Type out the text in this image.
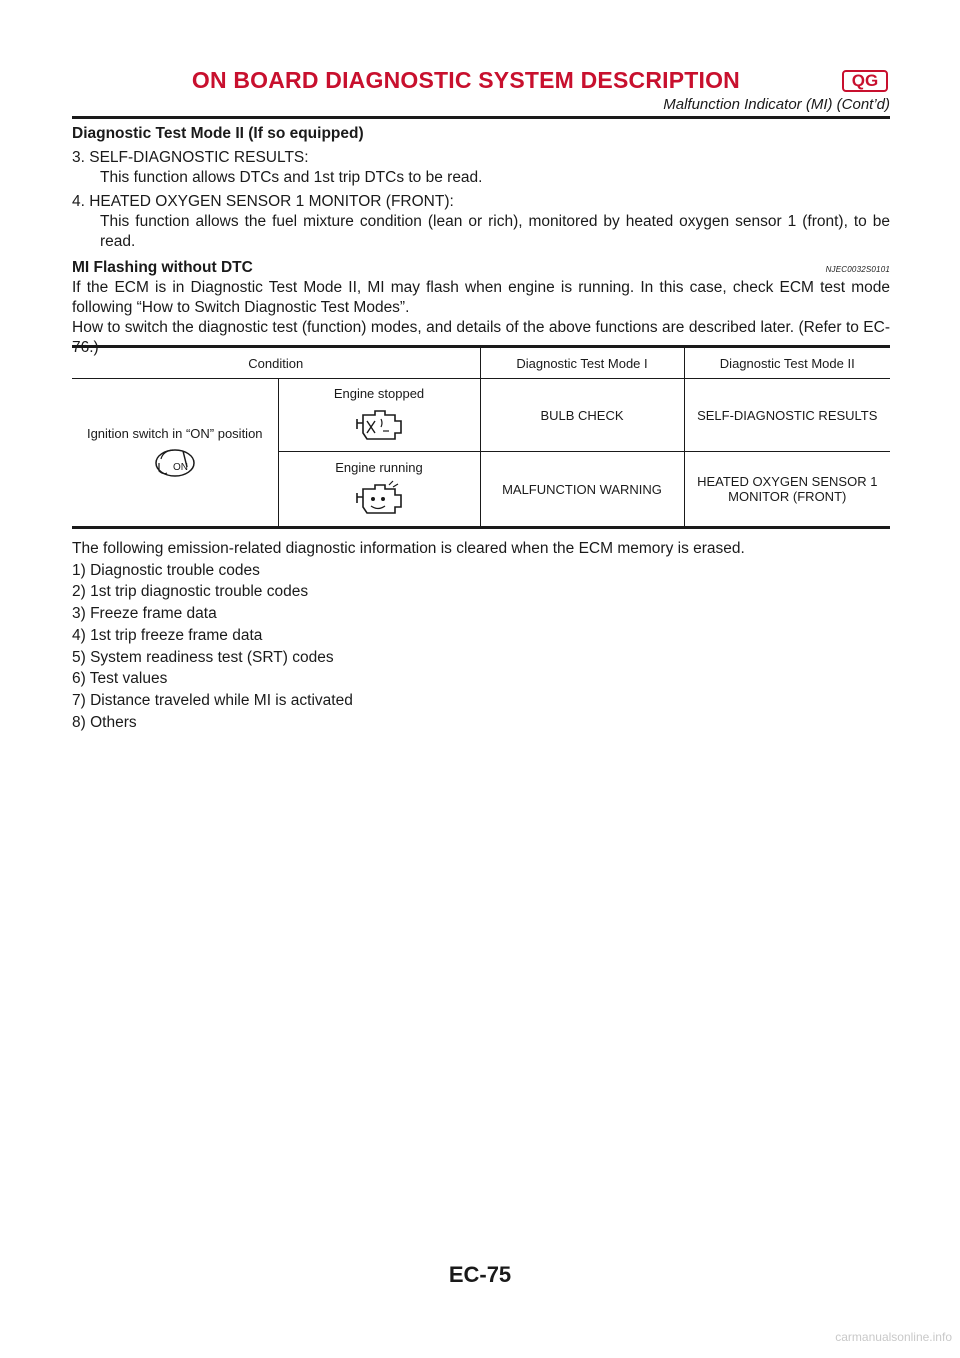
ON BOARD DIAGNOSTIC SYSTEM DESCRIPTION	QG
Malfunction Indicator (MI) (Cont’d)

Diagnostic Test Mode II (If so equipped)

3. SELF-DIAGNOSTIC RESULTS:

This function allows DTCs and 1st trip DTCs to be read.

4. HEATED OXYGEN SENSOR 1 MONITOR (FRONT):

This function allows the fuel mixture condition (lean or rich), monitored by heated oxygen sensor 1 (front), to be read.

MI Flashing without DTC	NJEC0032S0101

If the ECM is in Diagnostic Test Mode II, MI may flash when engine is running. In this case, check ECM test mode following “How to Switch Diagnostic Test Modes”.

How to switch the diagnostic test (function) modes, and details of the above functions are described later. (Refer to EC-76.)

Condition		Diagnostic Test Mode I	Diagnostic Test Mode II

Ignition switch in “ON” position
ON	Engine stopped	BULB CHECK	SELF-DIAGNOSTIC RESULTS

	Engine running	MALFUNCTION WARNING	HEATED OXYGEN SENSOR 1
MONITOR (FRONT)

The following emission-related diagnostic information is cleared when the ECM memory is erased.

1) Diagnostic trouble codes
2) 1st trip diagnostic trouble codes
3) Freeze frame data
4) 1st trip freeze frame data
5) System readiness test (SRT) codes
6) Test values
7) Distance traveled while MI is activated
8) Others
EC-75
carmanualsonline.info
